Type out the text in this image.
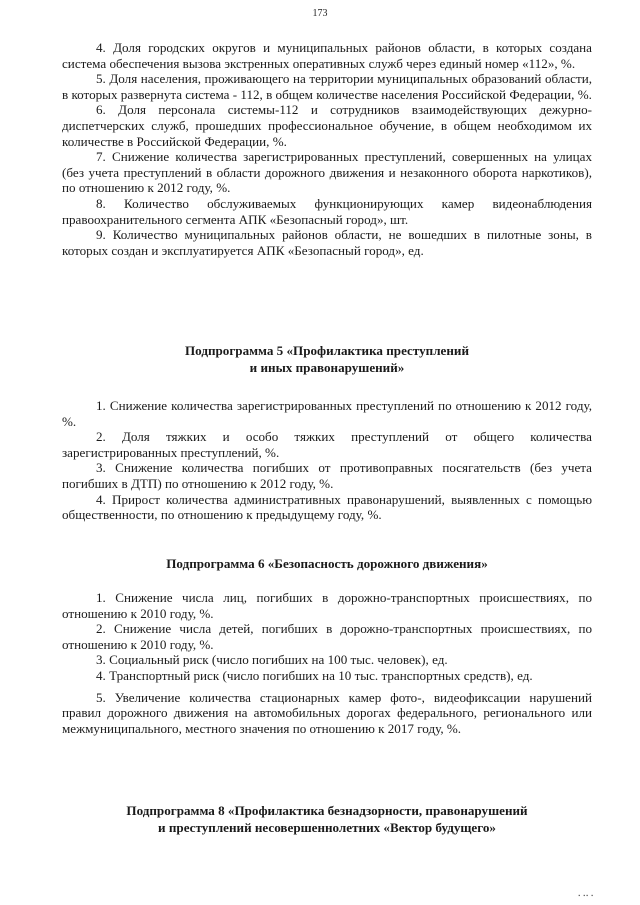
173

4. Доля городских округов и муниципальных районов области, в которых создана система обеспечения вызова экстренных оперативных служб через единый номер «112», %.

5. Доля населения, проживающего на территории муниципальных образований области, в которых развернута система - 112, в общем количестве населения Российской Федерации, %.

6. Доля персонала системы-112 и сотрудников взаимодействующих дежурно-диспетчерских служб, прошедших профессиональное обучение, в общем необходимом их количестве в Российской Федерации, %.

7. Снижение количества зарегистрированных преступлений, совершенных на улицах (без учета преступлений в области дорожного движения и незаконного оборота наркотиков), по отношению к 2012 году, %.

8. Количество обслуживаемых функционирующих камер видеонаблюдения правоохранительного сегмента АПК «Безопасный город», шт.

9. Количество муниципальных районов области, не вошедших в пилотные зоны, в которых создан и эксплуатируется АПК «Безопасный город», ед.

Подпрограмма 5 «Профилактика преступлений

и иных правонарушений»

1. Снижение количества зарегистрированных преступлений по отношению к 2012 году, %.

2. Доля тяжких и особо тяжких преступлений от общего количества зарегистрированных преступлений, %.

3. Снижение количества погибших от противоправных посягательств (без учета погибших в ДТП) по отношению к 2012 году, %.

4. Прирост количества административных правонарушений, выявленных с помощью общественности, по отношению к предыдущему году, %.

Подпрограмма 6 «Безопасность дорожного движения»

1. Снижение числа лиц, погибших в дорожно-транспортных происшествиях, по отношению к 2010 году, %.

2. Снижение числа детей, погибших в дорожно-транспортных происшествиях, по отношению к 2010 году, %.

3. Социальный риск (число погибших на 100 тыс. человек), ед.

4. Транспортный риск (число погибших на 10 тыс. транспортных средств), ед.

5. Увеличение количества стационарных камер фото-, видеофиксации нарушений правил дорожного движения на автомобильных дорогах федерального, регионального или межмуниципального, местного значения по отношению к 2017 году, %.

Подпрограмма 8 «Профилактика безнадзорности, правонарушений

и преступлений несовершеннолетних «Вектор будущего»

▪ ▪▪ ▪
